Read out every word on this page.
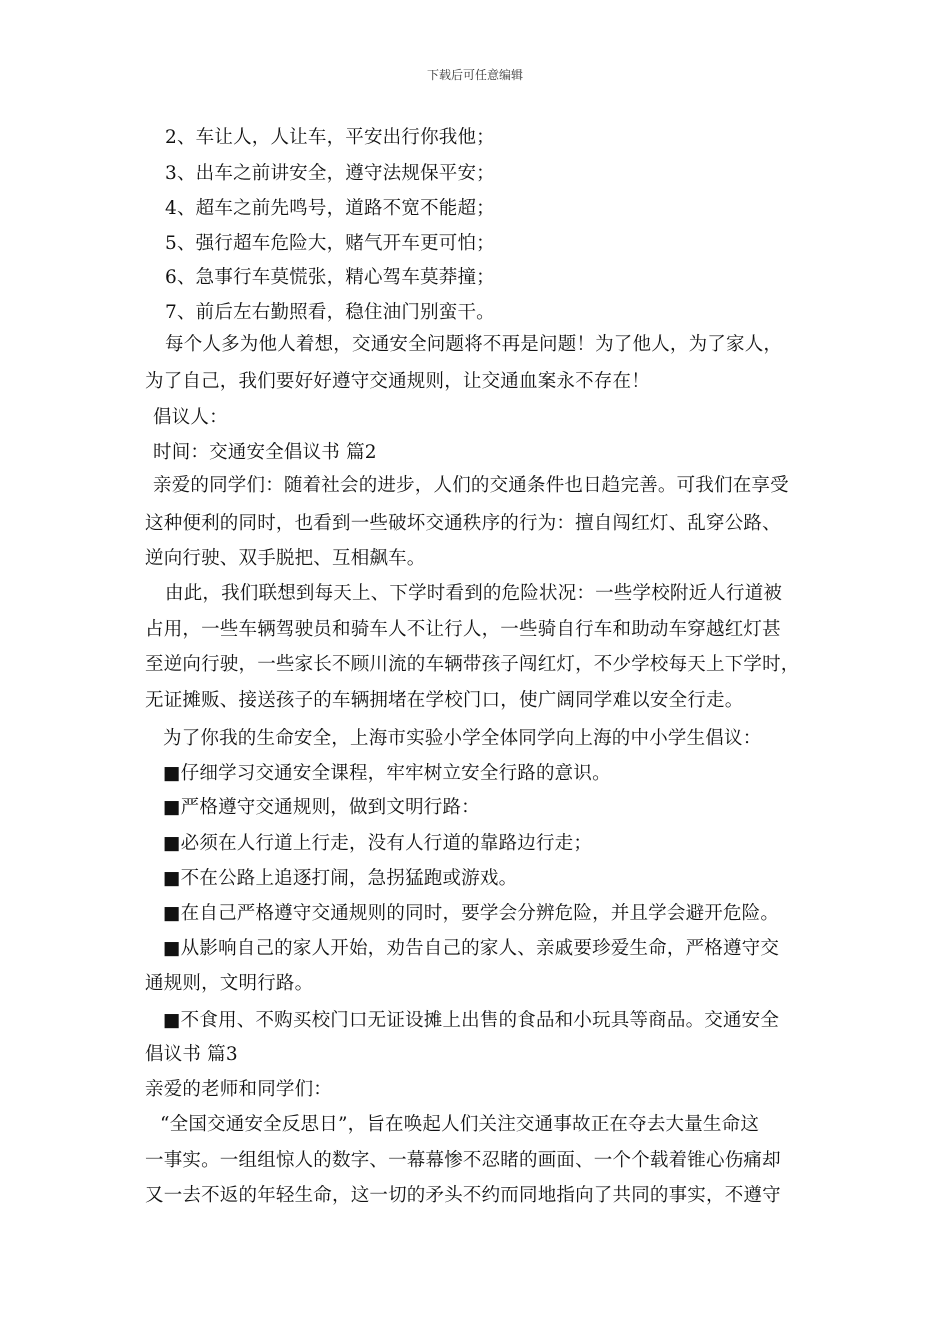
下载后可任意编辑
2、车让人，人让车，平安出行你我他；
3、出车之前讲安全，遵守法规保平安；
4、超车之前先鸣号，道路不宽不能超；
5、强行超车危险大，赌气开车更可怕；
6、急事行车莫慌张，精心驾车莫莽撞；
7、前后左右勤照看，稳住油门别蛮干。
每个人多为他人着想，交通安全问题将不再是问题！为了他人，为了家人，
为了自己，我们要好好遵守交通规则，让交通血案永不存在！
倡议人：
时间：交通安全倡议书 篇2
亲爱的同学们：随着社会的进步，人们的交通条件也日趋完善。可我们在享受
这种便利的同时，也看到一些破坏交通秩序的行为：擅自闯红灯、乱穿公路、
逆向行驶、双手脱把、互相飙车。
由此，我们联想到每天上、下学时看到的危险状况：一些学校附近人行道被
占用，一些车辆驾驶员和骑车人不让行人，一些骑自行车和助动车穿越红灯甚
至逆向行驶，一些家长不顾川流的车辆带孩子闯红灯，不少学校每天上下学时，
无证摊贩、接送孩子的车辆拥堵在学校门口，使广阔同学难以安全行走。
为了你我的生命安全，上海市实验小学全体同学向上海的中小学生倡议：
■仔细学习交通安全课程，牢牢树立安全行路的意识。
■严格遵守交通规则，做到文明行路：
■必须在人行道上行走，没有人行道的靠路边行走；
■不在公路上追逐打闹，急拐猛跑或游戏。
■在自己严格遵守交通规则的同时，要学会分辨危险，并且学会避开危险。
■从影响自己的家人开始，劝告自己的家人、亲戚要珍爱生命，严格遵守交
通规则，文明行路。
■不食用、不购买校门口无证设摊上出售的食品和小玩具等商品。交通安全
倡议书 篇3
亲爱的老师和同学们：
“全国交通安全反思日”，旨在唤起人们关注交通事故正在夺去大量生命这
一事实。一组组惊人的数字、一幕幕惨不忍睹的画面、一个个载着锥心伤痛却
又一去不返的年轻生命，这一切的矛头不约而同地指向了共同的事实，不遵守
